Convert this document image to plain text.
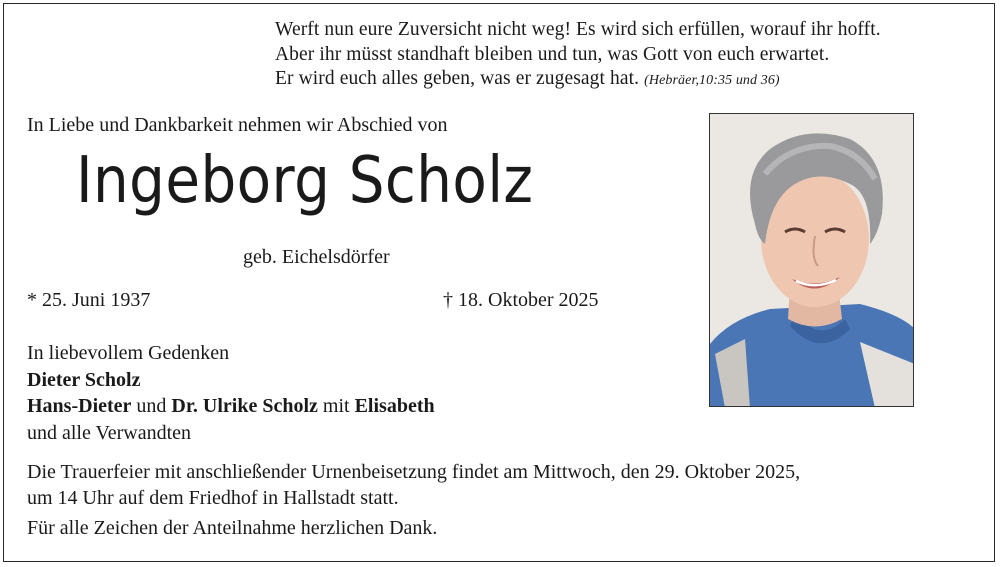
Werft nun eure Zuversicht nicht weg! Es wird sich erfüllen, worauf ihr hofft.
Aber ihr müsst standhaft bleiben und tun, was Gott von euch erwartet.
Er wird euch alles geben, was er zugesagt hat. (Hebräer,10:35 und 36)
In Liebe und Dankbarkeit nehmen wir Abschied von
Ingeborg Scholz
geb. Eichelsdörfer
* 25. Juni 1937	† 18. Oktober 2025
In liebevollem Gedenken
Dieter Scholz
Hans-Dieter und Dr. Ulrike Scholz mit Elisabeth
und alle Verwandten
Die Trauerfeier mit anschließender Urnenbeisetzung findet am Mittwoch, den 29. Oktober 2025,
um 14 Uhr auf dem Friedhof in Hallstadt statt.
Für alle Zeichen der Anteilnahme herzlichen Dank.
